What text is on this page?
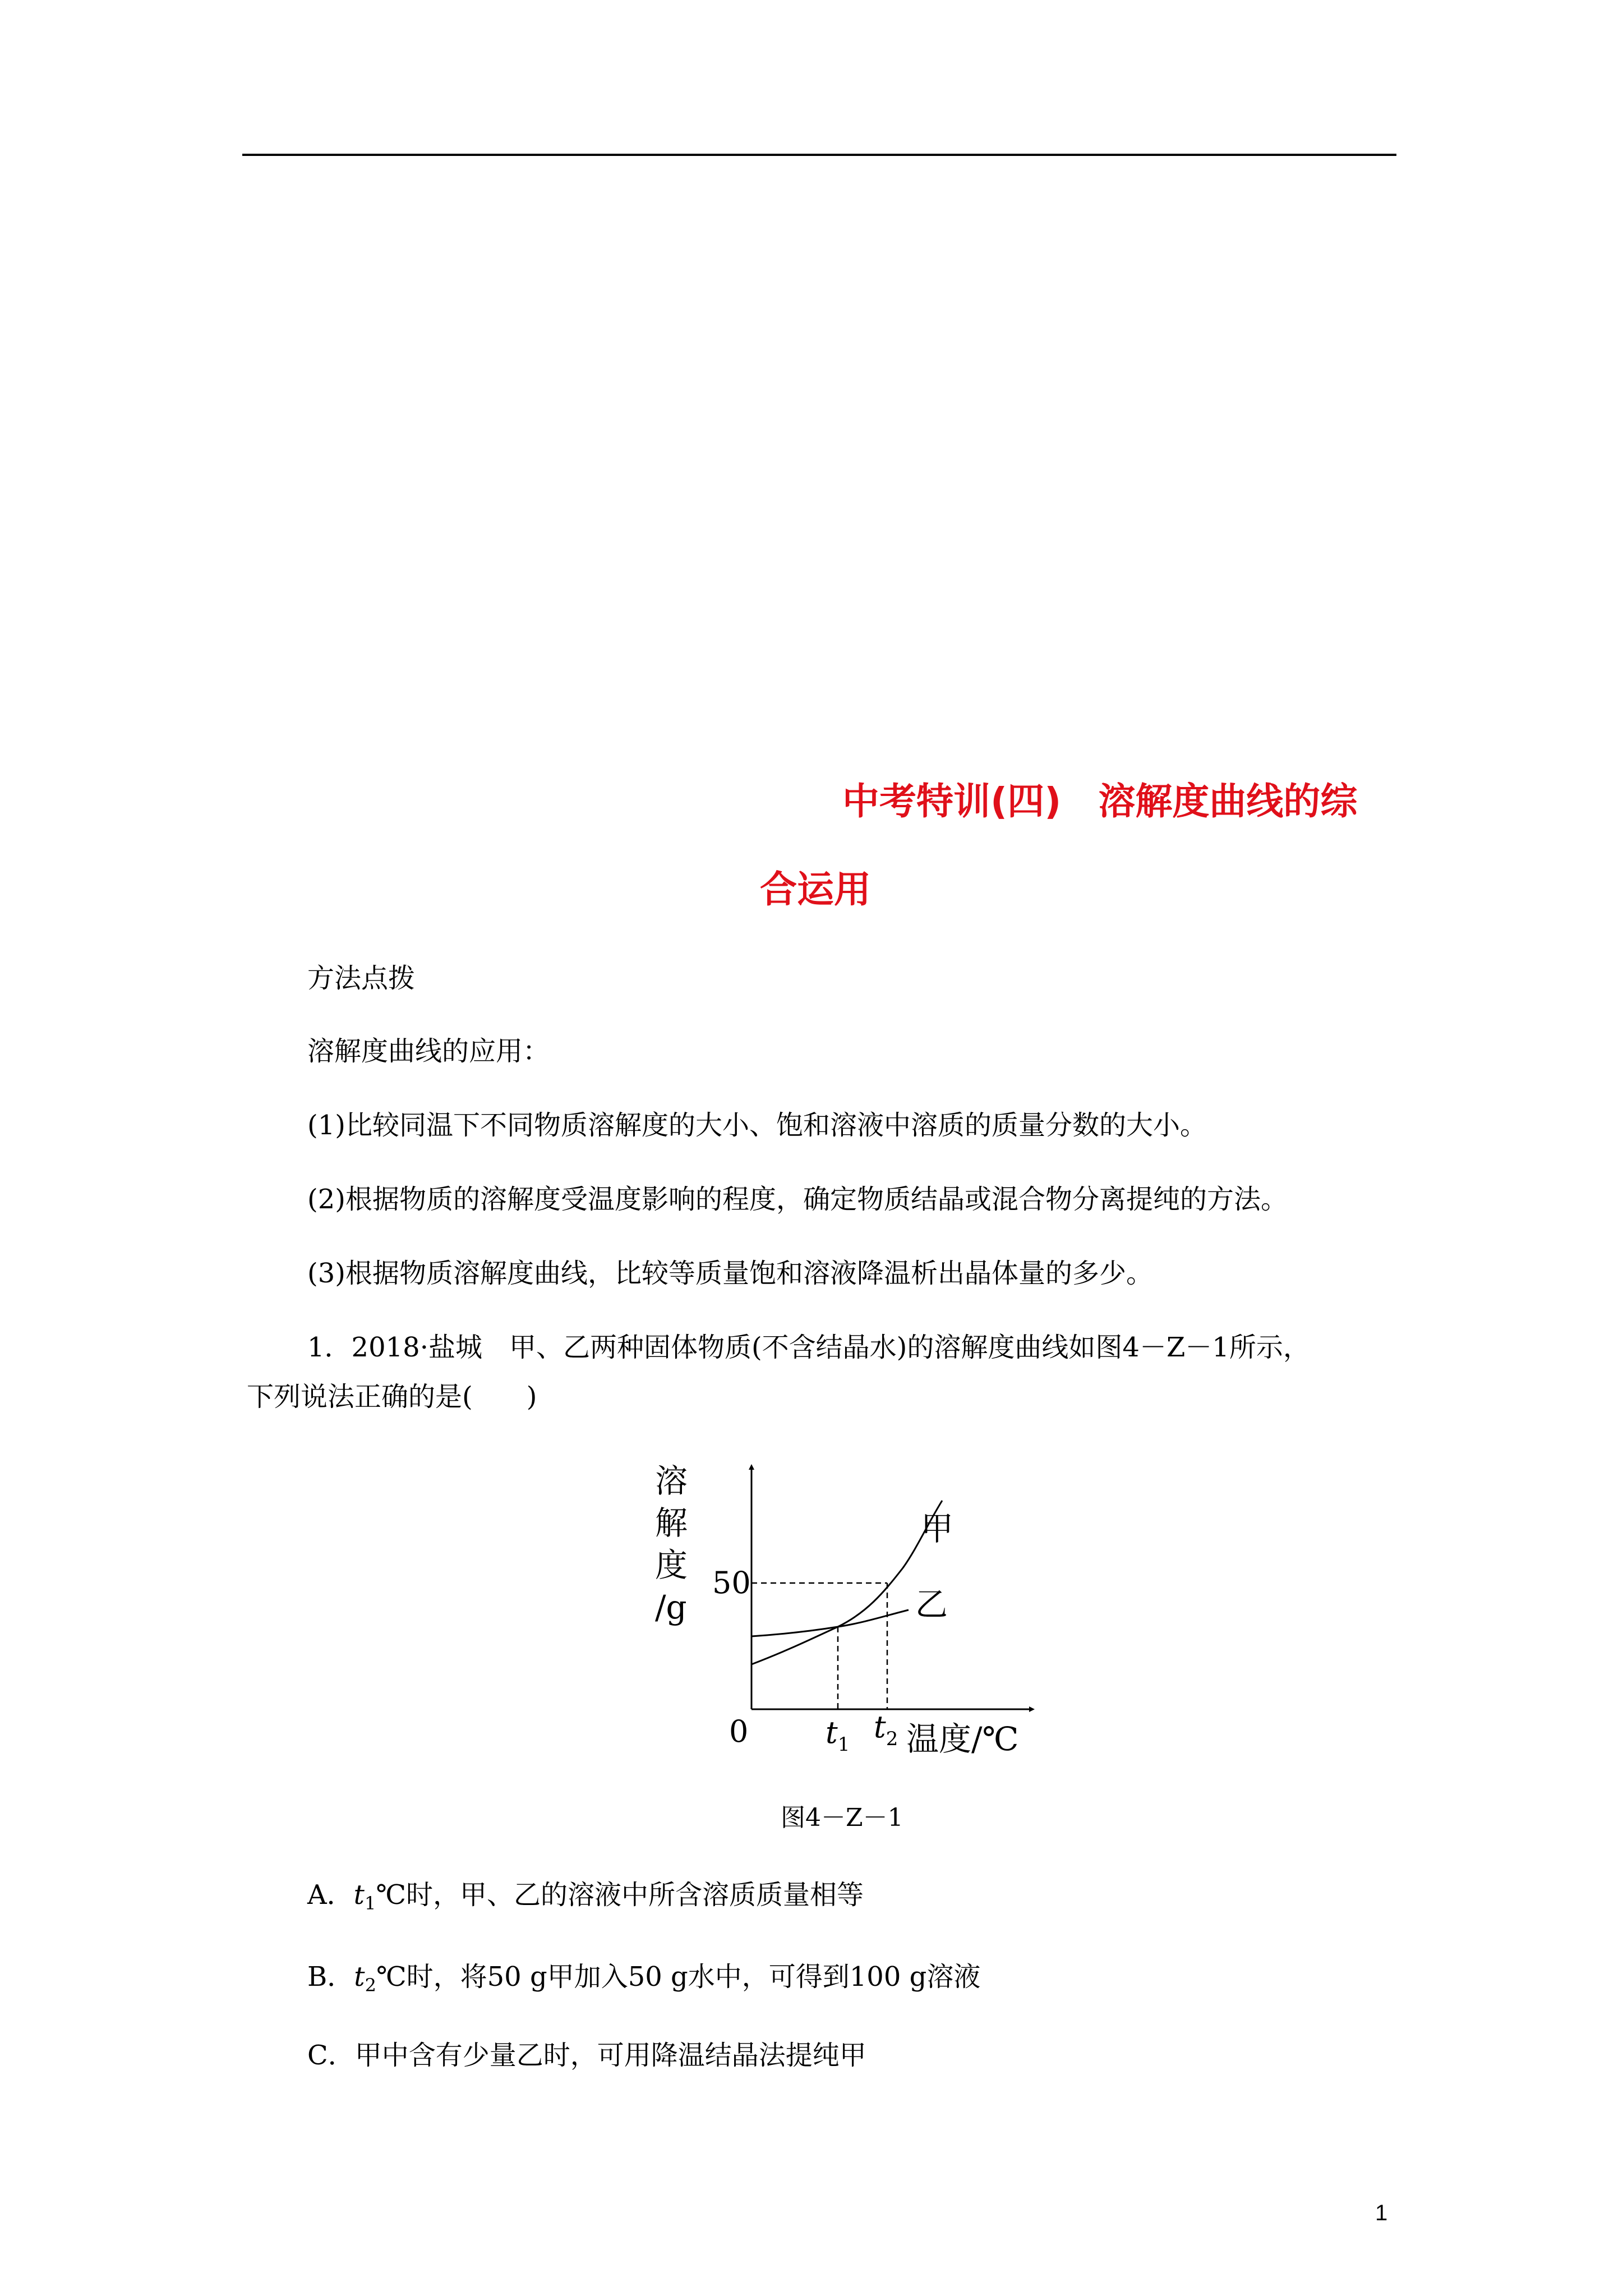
中考特训(四)　溶解度曲线的综
合运用
方法点拨
溶解度曲线的应用：
(1)比较同温下不同物质溶解度的大小、饱和溶液中溶质的质量分数的大小。
(2)根据物质的溶解度受温度影响的程度，确定物质结晶或混合物分离提纯的方法。
(3)根据物质溶解度曲线，比较等质量饱和溶液降温析出晶体量的多少。
1．2018·盐城　甲、乙两种固体物质(不含结晶水)的溶解度曲线如图4－Z－1所示，
下列说法正确的是(　　)
溶
解
度
/g
50
0	$t_1$ $t_2$ 温度/℃
甲
乙
图4－Z－1
A．$t_1℃$时，甲、乙的溶液中所含溶质质量相等
B．$t_2℃$时，将50 g甲加入50 g水中，可得到100 g溶液
C．甲中含有少量乙时，可用降温结晶法提纯甲
1
